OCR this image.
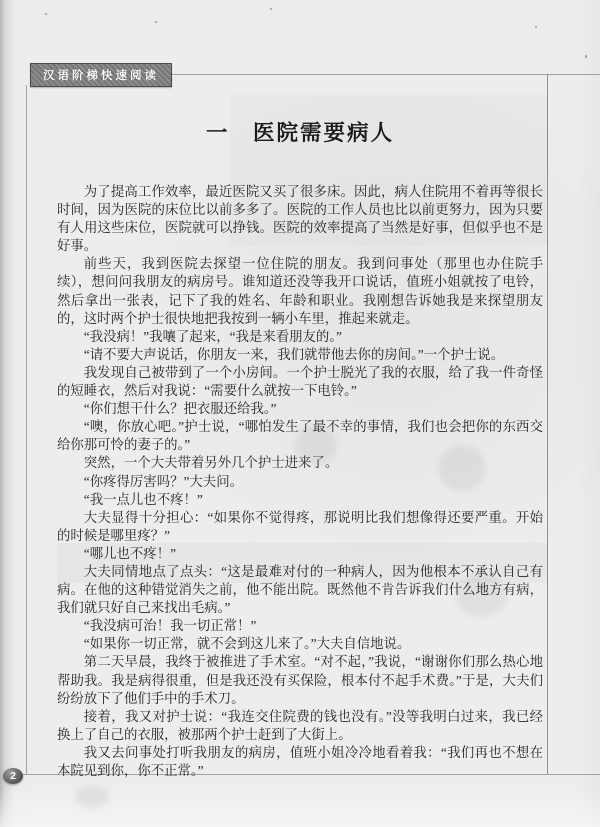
汉语阶梯快速阅读
一　医院需要病人

为了提高工作效率，最近医院又买了很多床。因此，病人住院用不着再等很长时间，因为医院的床位比以前多多了。医院的工作人员也比以前更努力，因为只要有人用这些床位，医院就可以挣钱。医院的效率提高了当然是好事，但似乎也不是好事。

前些天，我到医院去探望一位住院的朋友。我到问事处（那里也办住院手续），想问问我朋友的病房号。谁知道还没等我开口说话，值班小姐就按了电铃，然后拿出一张表，记下了我的姓名、年龄和职业。我刚想告诉她我是来探望朋友的，这时两个护士很快地把我按到一辆小车里，推起来就走。

“我没病！”我嚷了起来，“我是来看朋友的。”

“请不要大声说话，你朋友一来，我们就带他去你的房间。”一个护士说。

我发现自己被带到了一个小房间。一个护士脱光了我的衣服，给了我一件奇怪的短睡衣，然后对我说：“需要什么就按一下电铃。”

“你们想干什么？把衣服还给我。”

“噢，你放心吧。”护士说，“哪怕发生了最不幸的事情，我们也会把你的东西交给你那可怜的妻子的。”

突然，一个大夫带着另外几个护士进来了。

“你疼得厉害吗？”大夫问。

“我一点儿也不疼！”

大夫显得十分担心：“如果你不觉得疼，那说明比我们想像得还要严重。开始的时候是哪里疼？”

“哪儿也不疼！”

大夫同情地点了点头：“这是最难对付的一种病人，因为他根本不承认自己有病。在他的这种错觉消失之前，他不能出院。既然他不肯告诉我们什么地方有病，我们就只好自己来找出毛病。”

“我没病可治！我一切正常！”

“如果你一切正常，就不会到这儿来了。”大夫自信地说。

第二天早晨，我终于被推进了手术室。“对不起，”我说，“谢谢你们那么热心地帮助我。我是病得很重，但是我还没有买保险，根本付不起手术费。”于是，大夫们纷纷放下了他们手中的手术刀。

接着，我又对护士说：“我连交住院费的钱也没有。”没等我明白过来，我已经换上了自己的衣服，被那两个护士赶到了大街上。

我又去问事处打听我朋友的病房，值班小姐冷冷地看着我：“我们再也不想在本院见到你，你不正常。”

2
